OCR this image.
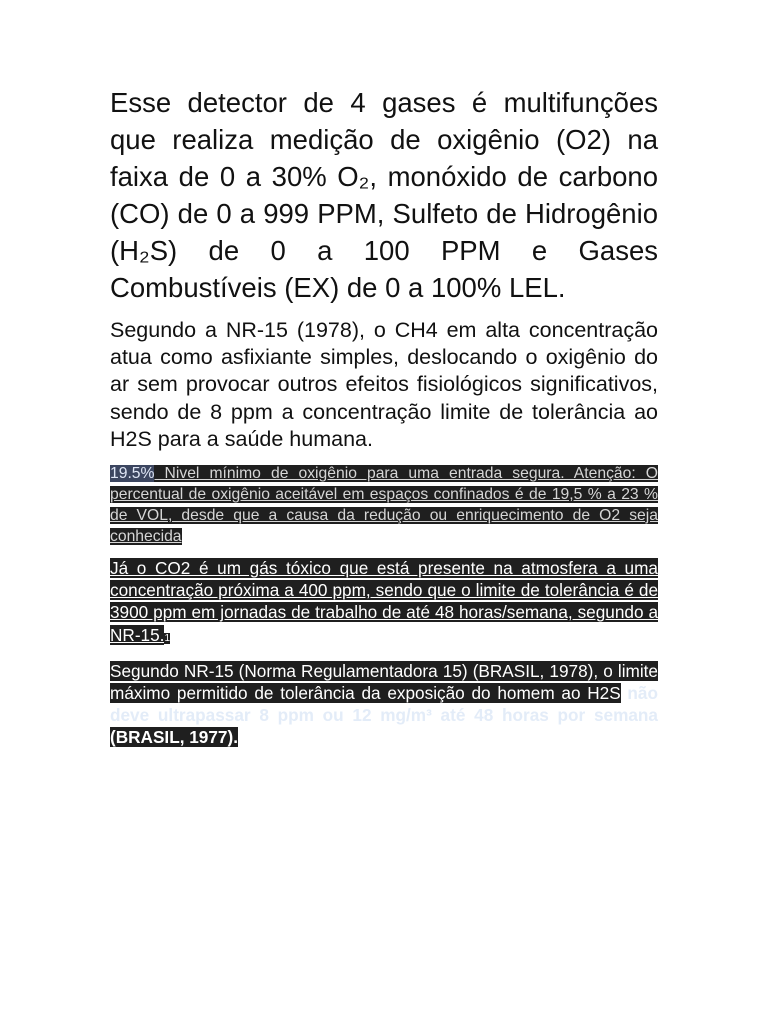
Esse detector de 4 gases é multifunções que realiza medição de oxigênio (O2) na faixa de 0 a 30% O₂, monóxido de carbono (CO) de 0 a 999 PPM, Sulfeto de Hidrogênio (H₂S) de 0 a 100 PPM e Gases Combustíveis (EX) de 0 a 100% LEL.

Segundo a NR-15 (1978), o CH4 em alta concentração atua como asfixiante simples, deslocando o oxigênio do ar sem provocar outros efeitos fisiológicos significativos, sendo de 8 ppm a concentração limite de tolerância ao H2S para a saúde humana.

19.5% Nivel mínimo de oxigênio para uma entrada segura. Atenção: O percentual de oxigênio aceitável em espaços confinados é de 19,5 % a 23 % de VOL, desde que a causa da redução ou enriquecimento de O2 seja conhecida

Já o CO2 é um gás tóxico que está presente na atmosfera a uma concentração próxima a 400 ppm, sendo que o limite de tolerância é de 3900 ppm em jornadas de trabalho de até 48 horas/semana, segundo a NR-15.1

Segundo NR-15 (Norma Regulamentadora 15) (BRASIL, 1978), o limite máximo permitido de tolerância da exposição do homem ao H2S não deve ultrapassar 8 ppm ou 12 mg/m³ até 48 horas por semana (BRASIL, 1977).
